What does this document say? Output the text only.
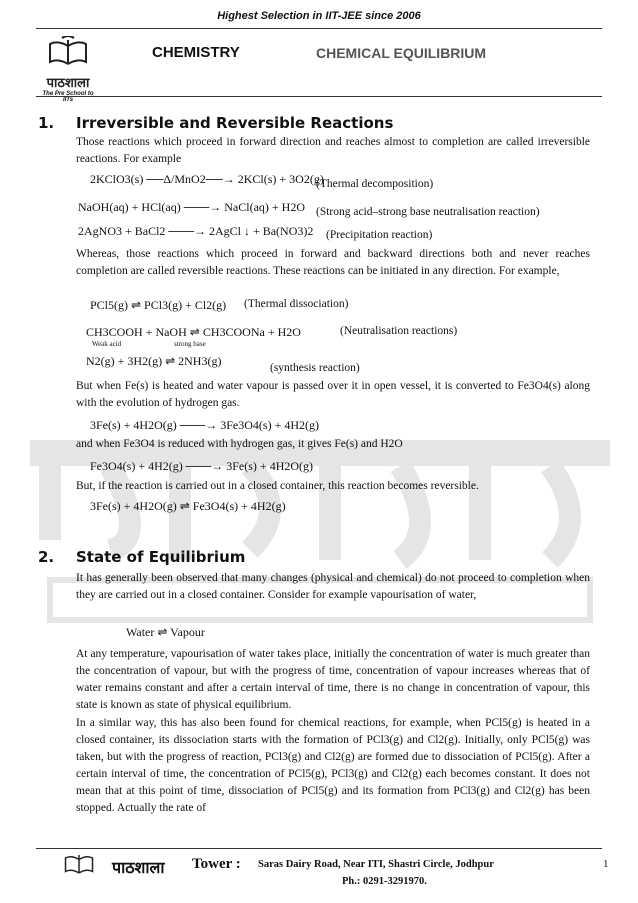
Highest Selection in IIT-JEE since 2006
पाठशाला
The Pre School to IITs
CHEMISTRY	CHEMICAL EQUILIBRIUM
1. Irreversible and Reversible Reactions
Those reactions which proceed in forward direction and reaches almost to completion are called irreversible reactions. For example
2KClO3(s) ──Δ/MnO2──→ 2KCl(s) + 3O2(g)
(Thermal decomposition)
NaOH(aq) + HCl(aq) ───→ NaCl(aq) + H2O (Strong acid–strong base neutralisation reaction)
2AgNO3 + BaCl2 ───→ 2AgCl ↓ + Ba(NO3)2 (Precipitation reaction)
Whereas, those reactions which proceed in forward and backward directions both and never reaches completion are called reversible reactions. These reactions can be initiated in any direction. For example,
PCl5(g) ⇌ PCl3(g) + Cl2(g) (Thermal dissociation)
CH3COOH + NaOH ⇌ CH3COONa + H2O	(Neutralisation reactions)
Weak acid	strong base
N2(g) + 3H2(g) ⇌ 2NH3(g)	(synthesis reaction)
But when Fe(s) is heated and water vapour is passed over it in open vessel, it is converted to Fe3O4(s) along with the evolution of hydrogen gas.
3Fe(s) + 4H2O(g) ───→ 3Fe3O4(s) + 4H2(g)
and when Fe3O4 is reduced with hydrogen gas, it gives Fe(s) and H2O
Fe3O4(s) + 4H2(g) ───→ 3Fe(s) + 4H2O(g)
But, if the reaction is carried out in a closed container, this reaction becomes reversible.
3Fe(s) + 4H2O(g) ⇌ Fe3O4(s) + 4H2(g)
2. State of Equilibrium
It has generally been observed that many changes (physical and chemical) do not proceed to completion when they are carried out in a closed container. Consider for example vapourisation of water,
Water ⇌ Vapour
At any temperature, vapourisation of water takes place, initially the concentration of water is much greater than the concentration of vapour, but with the progress of time, concentration of vapour increases whereas that of water remains constant and after a certain interval of time, there is no change in concentration of vapour, this state is known as state of physical equilibrium.
In a similar way, this has also been found for chemical reactions, for example, when PCl5(g) is heated in a closed container, its dissociation starts with the formation of PCl3(g) and Cl2(g). Initially, only PCl5(g) was taken, but with the progress of reaction, PCl3(g) and Cl2(g) are formed due to dissociation of PCl5(g). After a certain interval of time, the concentration of PCl5(g), PCl3(g) and Cl2(g) each becomes constant. It does not mean that at this point of time, dissociation of PCl5(g) and its formation from PCl3(g) and Cl2(g) has been stopped. Actually the rate of
पाठशाला Tower : Saras Dairy Road, Near ITI, Shastri Circle, Jodhpur
Ph.: 0291-3291970.
1
